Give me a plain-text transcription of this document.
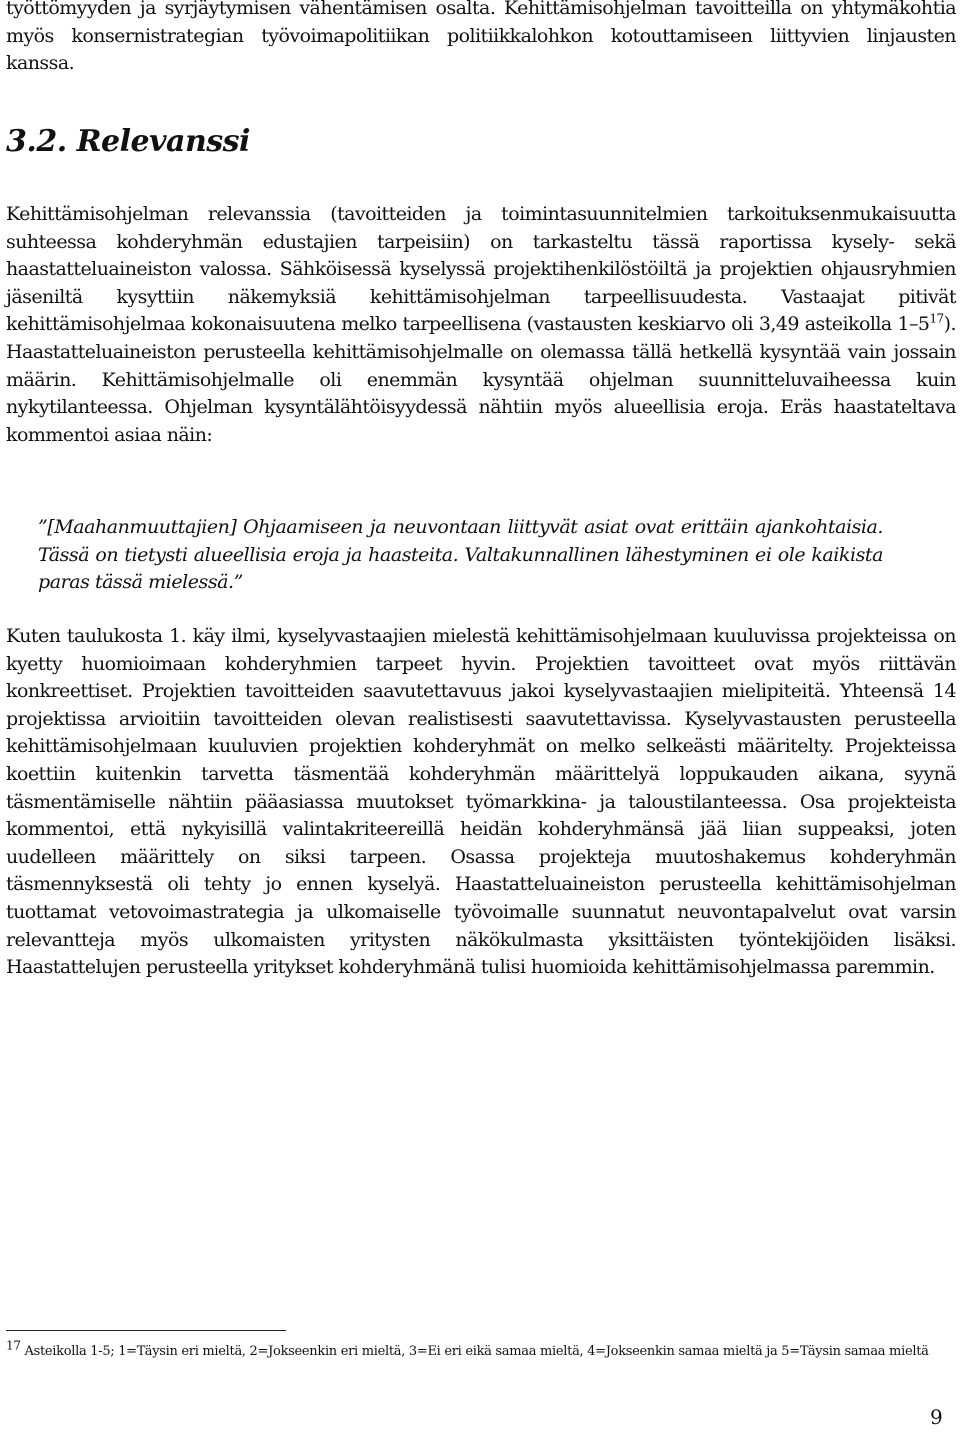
työttömyyden ja syrjäytymisen vähentämisen osalta. Kehittämisohjelman tavoitteilla on yhtymäkohtia myös konsernistrategian työvoimapolitiikan politiikkalohkon kotouttamiseen liittyvien linjausten kanssa.

3.2. Relevanssi

Kehittämisohjelman relevanssia (tavoitteiden ja toimintasuunnitelmien tarkoituksenmukaisuutta suhteessa kohderyhmän edustajien tarpeisiin) on tarkasteltu tässä raportissa kysely- sekä haastatteluaineiston valossa. Sähköisessä kyselyssä projektihenkilöstöiltä ja projektien ohjausryhmien jäseniltä kysyttiin näkemyksiä kehittämisohjelman tarpeellisuudesta. Vastaajat pitivät kehittämisohjelmaa kokonaisuutena melko tarpeellisena (vastausten keskiarvo oli 3,49 asteikolla $1-5^{17}$). Haastatteluaineiston perusteella kehittämisohjelmalle on olemassa tällä hetkellä kysyntää vain jossain määrin. Kehittämisohjelmalle oli enemmän kysyntää ohjelman suunnitteluvaiheessa kuin nykytilanteessa. Ohjelman kysyntälähtöisyydessä nähtiin myös alueellisia eroja. Eräs haastateltava kommentoi asiaa näin:

”[Maahanmuuttajien] Ohjaamiseen ja neuvontaan liittyvät asiat ovat erittäin ajankohtaisia. Tässä on tietysti alueellisia eroja ja haasteita. Valtakunnallinen lähestyminen ei ole kaikista paras tässä mielessä.”

Kuten taulukosta 1. käy ilmi, kyselyvastaajien mielestä kehittämisohjelmaan kuuluvissa projekteissa on kyetty huomioimaan kohderyhmien tarpeet hyvin. Projektien tavoitteet ovat myös riittävän konkreettiset. Projektien tavoitteiden saavutettavuus jakoi kyselyvastaajien mielipiteitä. Yhteensä 14 projektissa arvioitiin tavoitteiden olevan realistisesti saavutettavissa. Kyselyvastausten perusteella kehittämisohjelmaan kuuluvien projektien kohderyhmät on melko selkeästi määritelty. Projekteissa koettiin kuitenkin tarvetta täsmentää kohderyhmän määrittelyä loppukauden aikana, syynä täsmentämiselle nähtiin pääasiassa muutokset työmarkkina- ja taloustilanteessa. Osa projekteista kommentoi, että nykyisillä valintakriteereillä heidän kohderyhmänsä jää liian suppeaksi, joten uudelleen määrittely on siksi tarpeen. Osassa projekteja muutoshakemus kohderyhmän täsmennyksestä oli tehty jo ennen kyselyä. Haastatteluaineiston perusteella kehittämisohjelman tuottamat vetovoimastrategia ja ulkomaiselle työvoimalle suunnatut neuvontapalvelut ovat varsin relevantteja myös ulkomaisten yritysten näkökulmasta yksittäisten työntekijöiden lisäksi. Haastattelujen perusteella yritykset kohderyhmänä tulisi huomioida kehittämisohjelmassa paremmin.

$^{17}$ Asteikolla 1-5; 1=Täysin eri mieltä, 2=Jokseenkin eri mieltä, 3=Ei eri eikä samaa mieltä, 4=Jokseenkin samaa mieltä ja 5=Täysin samaa mieltä

9
